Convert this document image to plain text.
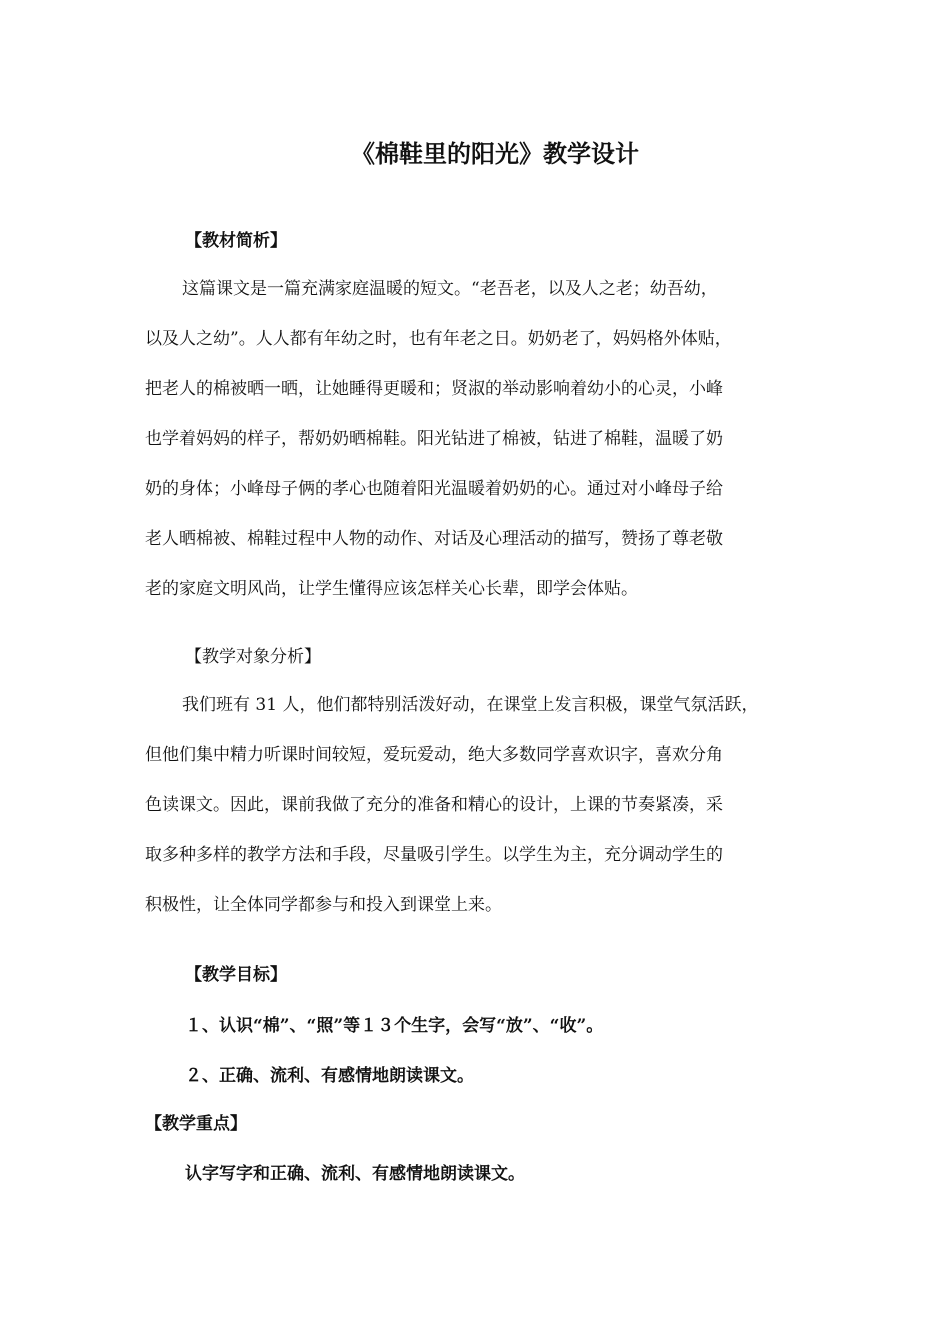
《棉鞋里的阳光》教学设计
【教材简析】
这篇课文是一篇充满家庭温暖的短文。“老吾老，以及人之老；幼吾幼，
以及人之幼”。人人都有年幼之时，也有年老之日。奶奶老了，妈妈格外体贴，
把老人的棉被晒一晒，让她睡得更暖和；贤淑的举动影响着幼小的心灵，小峰
也学着妈妈的样子，帮奶奶晒棉鞋。阳光钻进了棉被，钻进了棉鞋，温暖了奶
奶的身体；小峰母子俩的孝心也随着阳光温暖着奶奶的心。通过对小峰母子给
老人晒棉被、棉鞋过程中人物的动作、对话及心理活动的描写，赞扬了尊老敬
老的家庭文明风尚，让学生懂得应该怎样关心长辈，即学会体贴。
【教学对象分析】
我们班有 31 人，他们都特别活泼好动，在课堂上发言积极，课堂气氛活跃，
但他们集中精力听课时间较短，爱玩爱动，绝大多数同学喜欢识字，喜欢分角
色读课文。因此，课前我做了充分的准备和精心的设计，上课的节奏紧凑，采
取多种多样的教学方法和手段，尽量吸引学生。以学生为主，充分调动学生的
积极性，让全体同学都参与和投入到课堂上来。
【教学目标】
１、认识“棉”、“照”等１３个生字，会写“放”、“收”。
２、正确、流利、有感情地朗读课文。
【教学重点】
认字写字和正确、流利、有感情地朗读课文。
